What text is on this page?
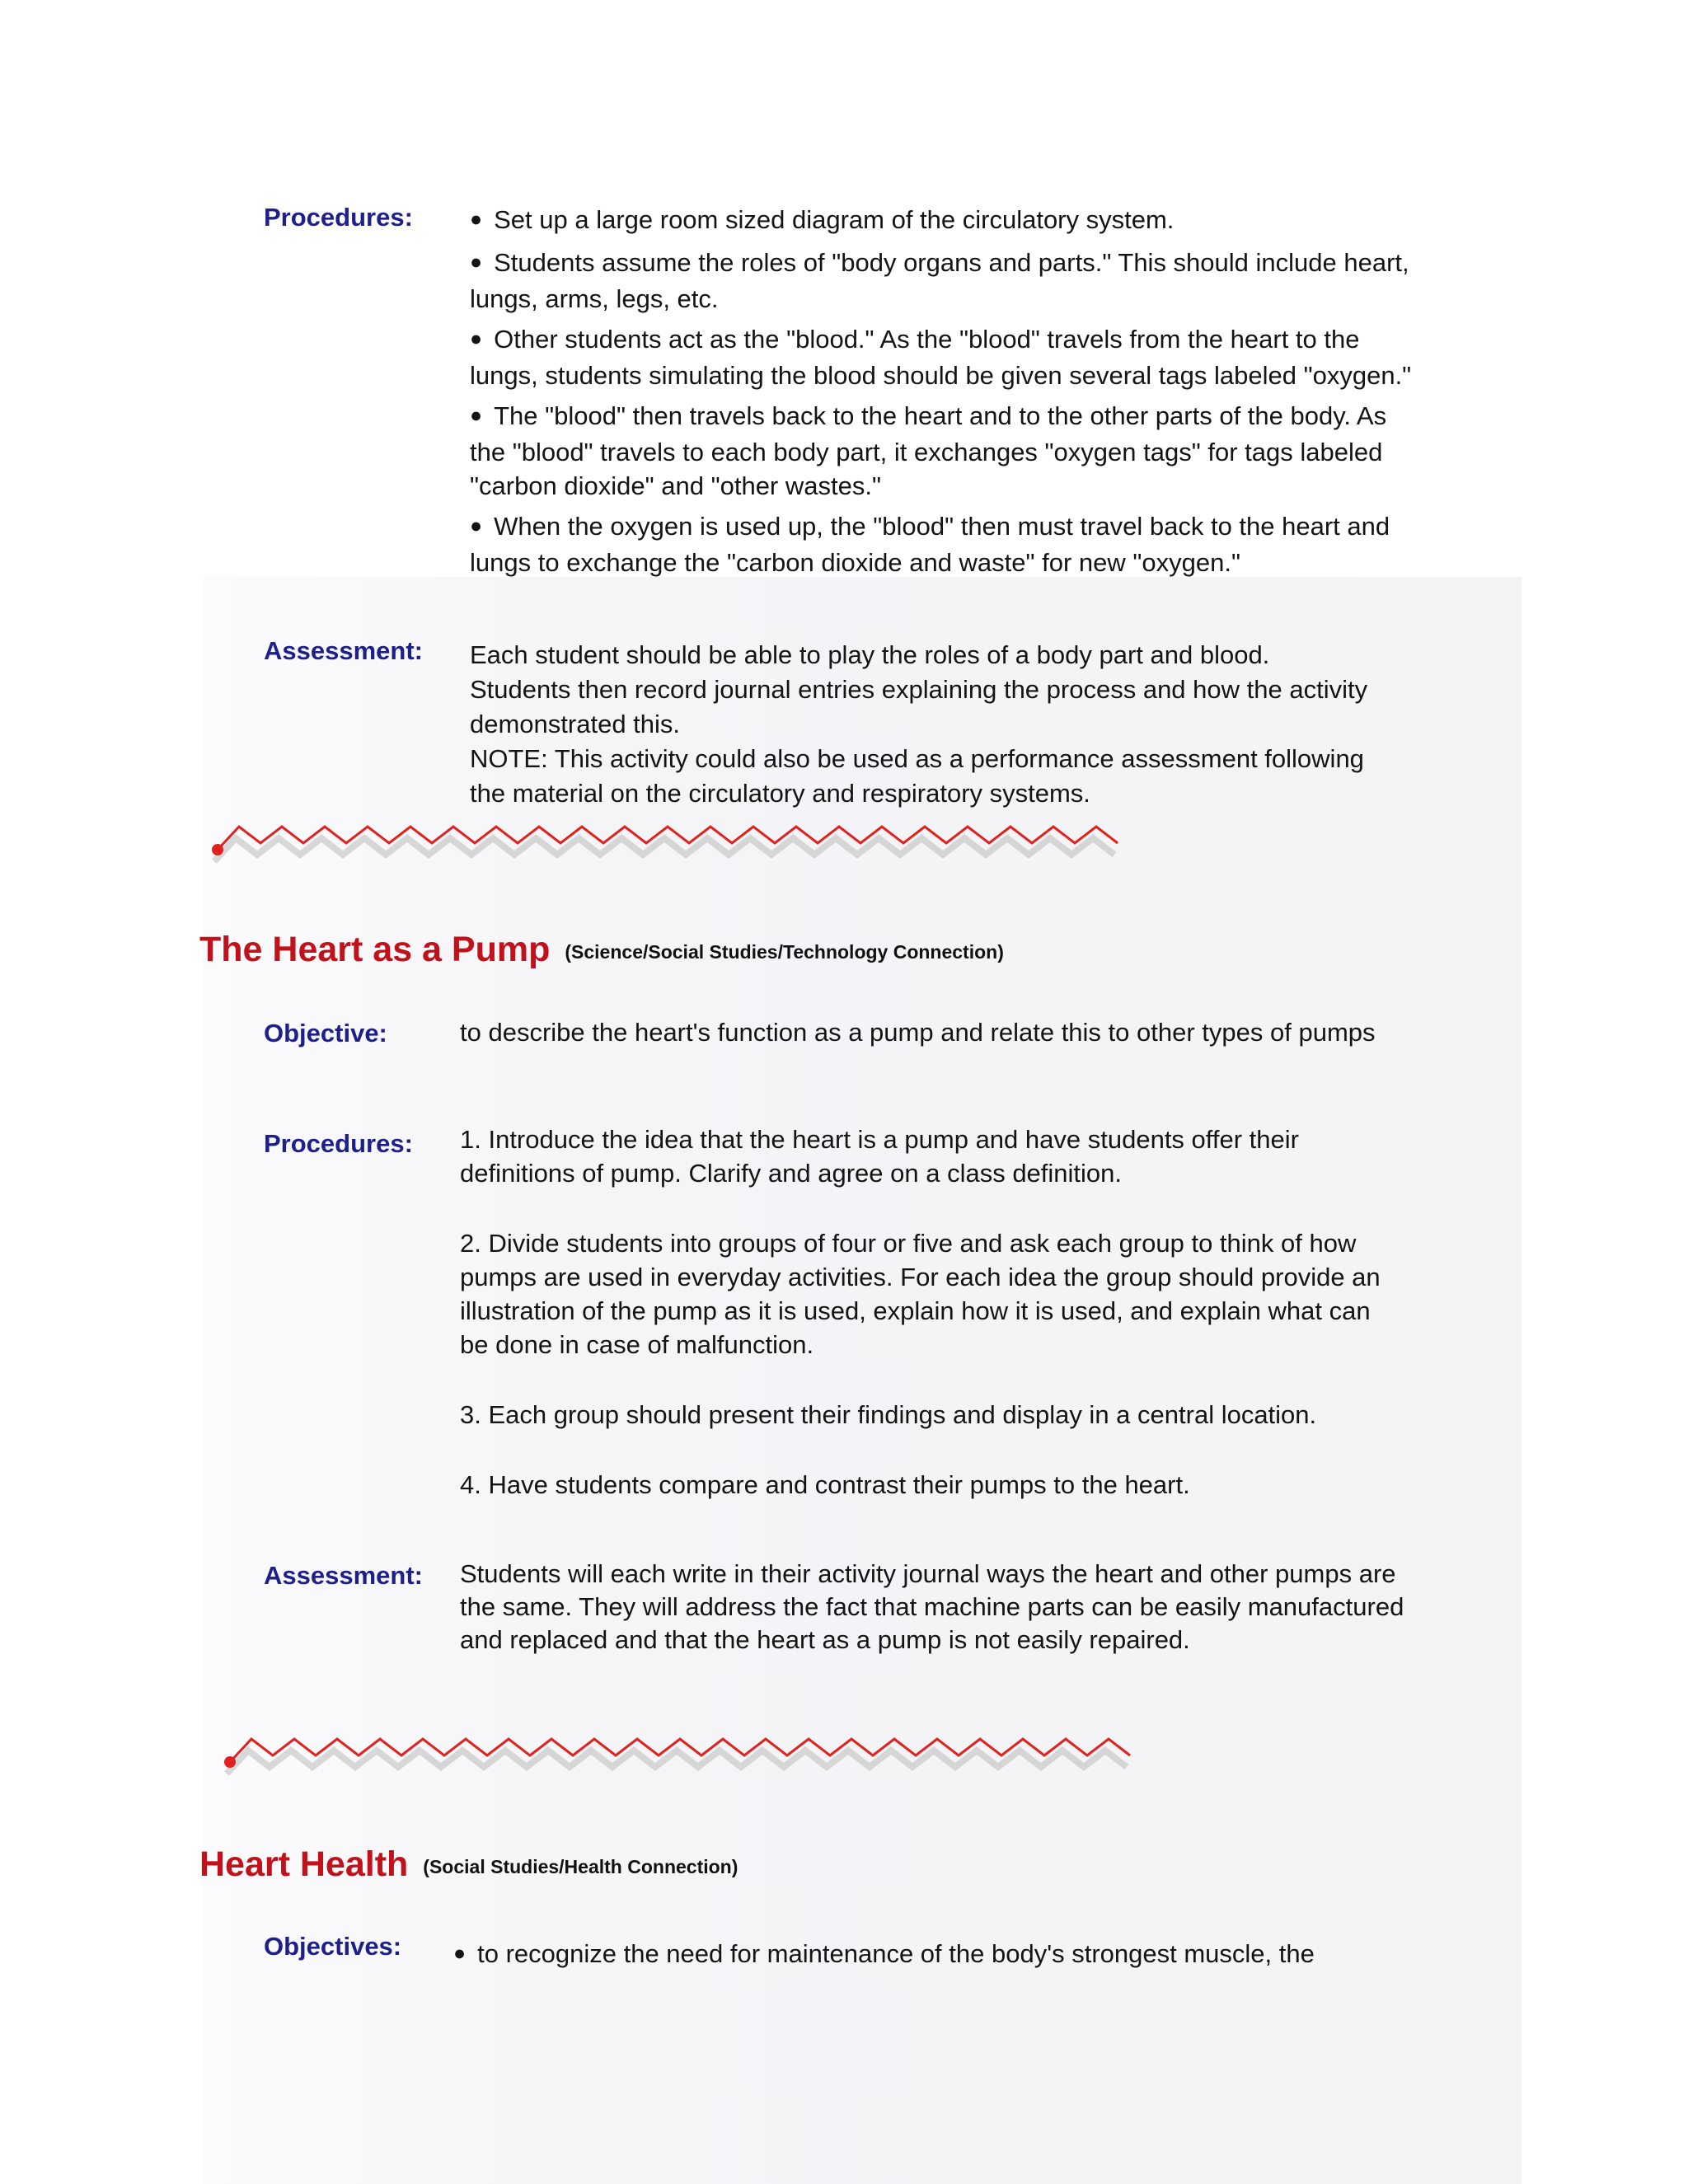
Procedures:	● Set up a large room sized diagram of the circulatory system.
● Students assume the roles of "body organs and parts." This should include heart, lungs, arms, legs, etc.
● Other students act as the "blood." As the "blood" travels from the heart to the lungs, students simulating the blood should be given several tags labeled "oxygen."
● The "blood" then travels back to the heart and to the other parts of the body. As the "blood" travels to each body part, it exchanges "oxygen tags" for tags labeled "carbon dioxide" and "other wastes."
● When the oxygen is used up, the "blood" then must travel back to the heart and lungs to exchange the "carbon dioxide and waste" for new "oxygen."
Assessment: Each student should be able to play the roles of a body part and blood.
Students then record journal entries explaining the process and how the activity demonstrated this.
NOTE: This activity could also be used as a performance assessment following the material on the circulatory and respiratory systems.
The Heart as a Pump (Science/Social Studies/Technology Connection)
Objective:	to describe the heart's function as a pump and relate this to other types of pumps
Procedures: 1. Introduce the idea that the heart is a pump and have students offer their definitions of pump. Clarify and agree on a class definition.
2. Divide students into groups of four or five and ask each group to think of how pumps are used in everyday activities. For each idea the group should provide an illustration of the pump as it is used, explain how it is used, and explain what can be done in case of malfunction.
3. Each group should present their findings and display in a central location.
4. Have students compare and contrast their pumps to the heart.
Assessment: Students will each write in their activity journal ways the heart and other pumps are the same. They will address the fact that machine parts can be easily manufactured and replaced and that the heart as a pump is not easily repaired.
Heart Health (Social Studies/Health Connection)
Objectives:	● to recognize the need for maintenance of the body's strongest muscle, the
